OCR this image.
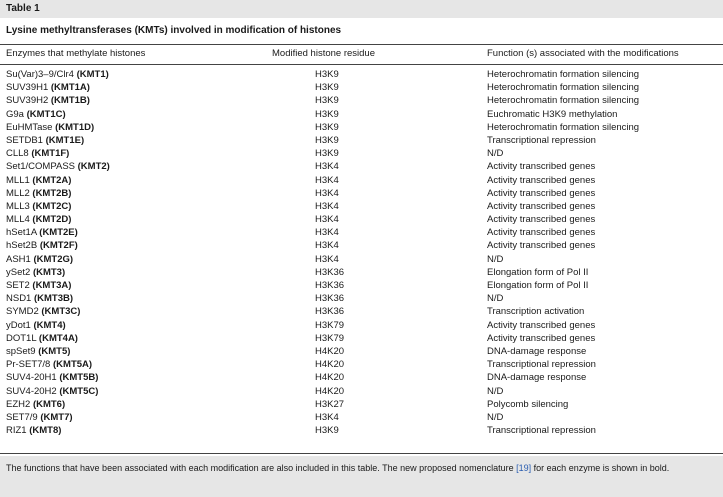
Table 1
Lysine methyltransferases (KMTs) involved in modification of histones
Enzymes that methylate histones	Modified histone residue	Function (s) associated with the modifications
Su(Var)3–9/Clr4 (KMT1)	H3K9	Heterochromatin formation silencing
SUV39H1 (KMT1A)	H3K9	Heterochromatin formation silencing
SUV39H2 (KMT1B)	H3K9	Heterochromatin formation silencing
G9a (KMT1C)	H3K9	Euchromatic H3K9 methylation
EuHMTase (KMT1D)	H3K9	Heterochromatin formation silencing
SETDB1 (KMT1E)	H3K9	Transcriptional repression
CLL8 (KMT1F)	H3K9	N/D
Set1/COMPASS (KMT2)	H3K4	Activity transcribed genes
MLL1 (KMT2A)	H3K4	Activity transcribed genes
MLL2 (KMT2B)	H3K4	Activity transcribed genes
MLL3 (KMT2C)	H3K4	Activity transcribed genes
MLL4 (KMT2D)	H3K4	Activity transcribed genes
hSet1A (KMT2E)	H3K4	Activity transcribed genes
hSet2B (KMT2F)	H3K4	Activity transcribed genes
ASH1 (KMT2G)	H3K4	N/D
ySet2 (KMT3)	H3K36	Elongation form of Pol II
SET2 (KMT3A)	H3K36	Elongation form of Pol II
NSD1 (KMT3B)	H3K36	N/D
SYMD2 (KMT3C)	H3K36	Transcription activation
yDot1 (KMT4)	H3K79	Activity transcribed genes
DOT1L (KMT4A)	H3K79	Activity transcribed genes
spSet9 (KMT5)	H4K20	DNA-damage response
Pr-SET7/8 (KMT5A)	H4K20	Transcriptional repression
SUV4-20H1 (KMT5B)	H4K20	DNA-damage response
SUV4-20H2 (KMT5C)	H4K20	N/D
EZH2 (KMT6)	H3K27	Polycomb silencing
SET7/9 (KMT7)	H3K4	N/D
RIZ1 (KMT8)	H3K9	Transcriptional repression
The functions that have been associated with each modification are also included in this table. The new proposed nomenclature [19] for each enzyme is shown in bold.
